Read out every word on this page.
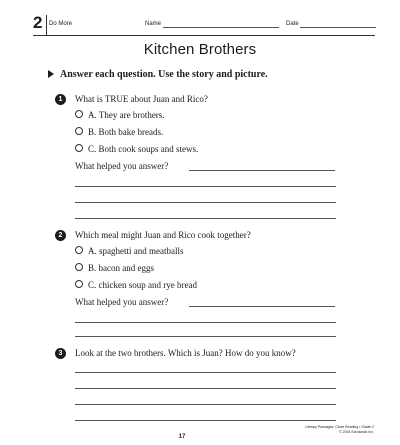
2 Do More	Name	Date
Kitchen Brothers
Answer each question. Use the story and picture.
1	What is TRUE about Juan and Rico?
A. They are brothers.
B. Both bake breads.
C. Both cook soups and stews.
What helped you answer?
2	Which meal might Juan and Rico cook together?
A. spaghetti and meatballs
B. bacon and eggs
C. chicken soup and rye bread
What helped you answer?
3	Look at the two brothers. Which is Juan? How do you know?
17
Literary Passages: Close Reading • Grade 2
© 2016 Scholastic Inc.
